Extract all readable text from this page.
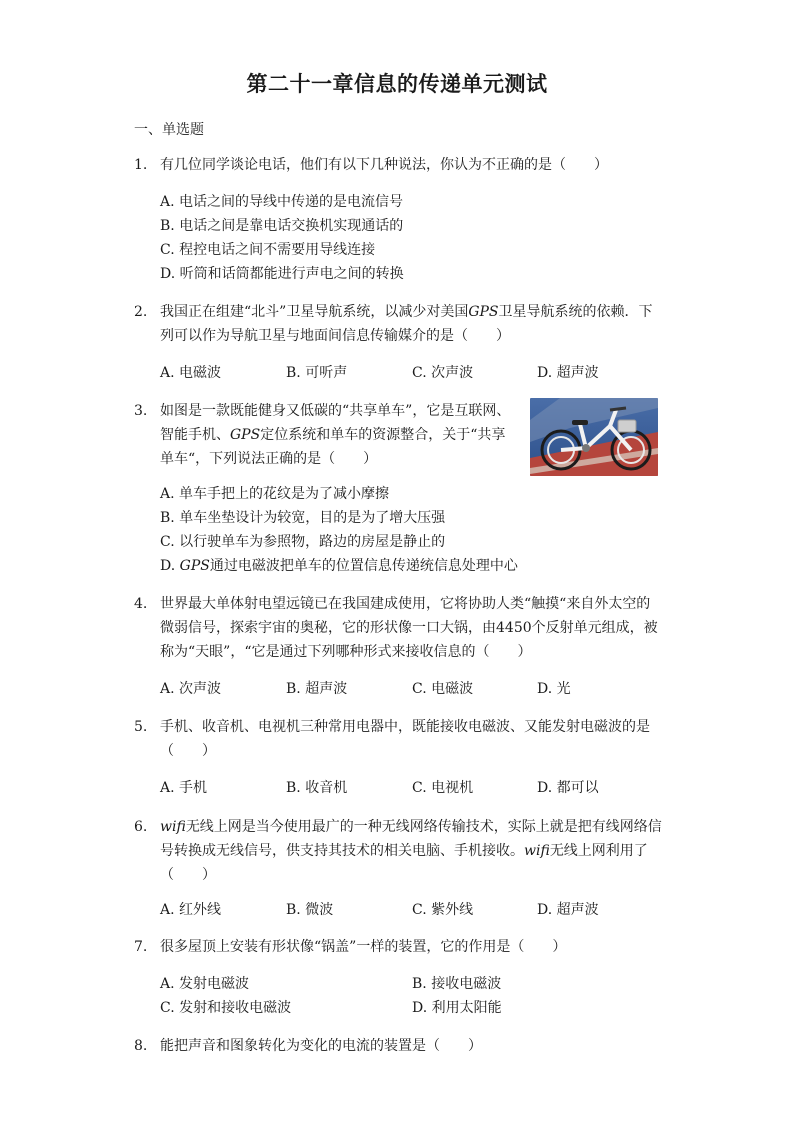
第二十一章信息的传递单元测试
一、单选题
1. 有几位同学谈论电话，他们有以下几种说法，你认为不正确的是（　　）
A. 电话之间的导线中传递的是电流信号
B. 电话之间是靠电话交换机实现通话的
C. 程控电话之间不需要用导线连接
D. 听筒和话筒都能进行声电之间的转换
2. 我国正在组建“北斗”卫星导航系统，以减少对美国GPS卫星导航系统的依赖．下列可以作为导航卫星与地面间信息传输媒介的是（　　）
A. 电磁波	B. 可听声	C. 次声波	D. 超声波
3. 如图是一款既能健身又低碳的“共享单车”，它是互联网、智能手机、GPS定位系统和单车的资源整合，关于“共享单车“，下列说法正确的是（　　）
A. 单车手把上的花纹是为了减小摩擦
B. 单车坐垫设计为较宽，目的是为了增大压强
C. 以行驶单车为参照物，路边的房屋是静止的
D. GPS通过电磁波把单车的位置信息传递统信息处理中心
4. 世界最大单体射电望远镜已在我国建成使用，它将协助人类“触摸“来自外太空的微弱信号，探索宇宙的奥秘，它的形状像一口大锅，由4450个反射单元组成，被称为“天眼”，“它是通过下列哪种形式来接收信息的（　　）
A. 次声波	B. 超声波	C. 电磁波	D. 光
5. 手机、收音机、电视机三种常用电器中，既能接收电磁波、又能发射电磁波的是（　　）
A. 手机	B. 收音机	C. 电视机	D. 都可以
6. wifi无线上网是当今使用最广的一种无线网络传输技术，实际上就是把有线网络信号转换成无线信号，供支持其技术的相关电脑、手机接收。wifi无线上网利用了（　　）
A. 红外线	B. 微波	C. 紫外线	D. 超声波
7. 很多屋顶上安装有形状像“锅盖”一样的装置，它的作用是（　　）
A. 发射电磁波	B. 接收电磁波
C. 发射和接收电磁波	D. 利用太阳能
8. 能把声音和图象转化为变化的电流的装置是（　　）
